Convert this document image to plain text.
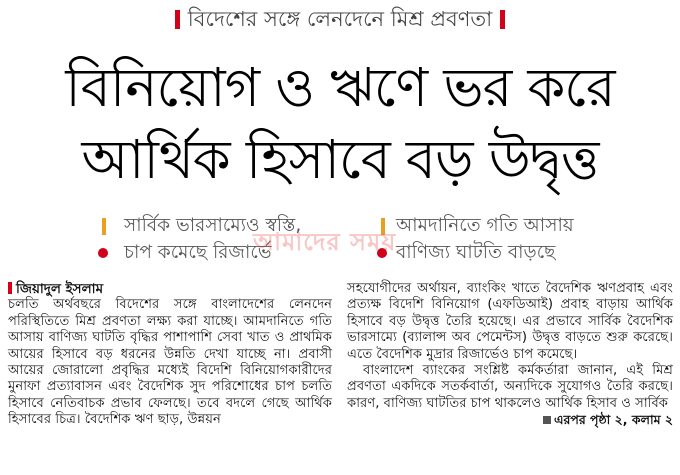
বিদেশের সঙ্গে লেনদেনে মিশ্র প্রবণতা
বিনিয়োগ ও ঋণে ভর করে
আর্থিক হিসাবে বড় উদ্বৃত্ত
সার্বিক ভারসাম্যেও স্বস্তি,
চাপ কমেছে রিজার্ভে
আমদানিতে গতি আসায়
বাণিজ্য ঘাটতি বাড়ছে
আমাদের সময়
জিয়াদুল ইসলাম

চলতি অর্থবছরে বিদেশের সঙ্গে বাংলাদেশের লেনদেন পরিস্থিতিতে মিশ্র প্রবণতা লক্ষ্য করা যাচ্ছে। আমদানিতে গতি আসায় বাণিজ্য ঘাটতি বৃদ্ধির পাশাপাশি সেবা খাত ও প্রাথমিক আয়ের হিসাবে বড় ধরনের উন্নতি দেখা যাচ্ছে না। প্রবাসী আয়ের জোরালো প্রবৃদ্ধির মধ্যেই বিদেশি বিনিয়োগকারীদের মুনাফা প্রত্যাবাসন এবং বৈদেশিক সুদ পরিশোধের চাপ চলতি হিসাবে নেতিবাচক প্রভাব ফেলছে। তবে বদলে গেছে আর্থিক হিসাবের চিত্র। বৈদেশিক ঋণ ছাড়, উন্নয়ন

সহযোগীদের অর্থায়ন, ব্যাংকিং খাতে বৈদেশিক ঋণপ্রবাহ এবং প্রত্যক্ষ বিদেশি বিনিয়োগ (এফডিআই) প্রবাহ বাড়ায় আর্থিক হিসাবে বড় উদ্বৃত্ত তৈরি হয়েছে। এর প্রভাবে সার্বিক বৈদেশিক ভারসাম্যে (ব্যালান্স অব পেমেন্টস) উদ্বৃত্ত বাড়তে শুরু করেছে। এতে বৈদেশিক মুদ্রার রিজার্ভেও চাপ কমেছে।

বাংলাদেশ ব্যাংকের সংশ্লিষ্ট কর্মকর্তারা জানান, এই মিশ্র প্রবণতা একদিকে সতর্কবার্তা, অন্যদিকে সুযোগও তৈরি করছে। কারণ, বাণিজ্য ঘাটতির চাপ থাকলেও আর্থিক হিসাব ও সার্বিক

এরপর পৃষ্ঠা ২, কলাম ২
